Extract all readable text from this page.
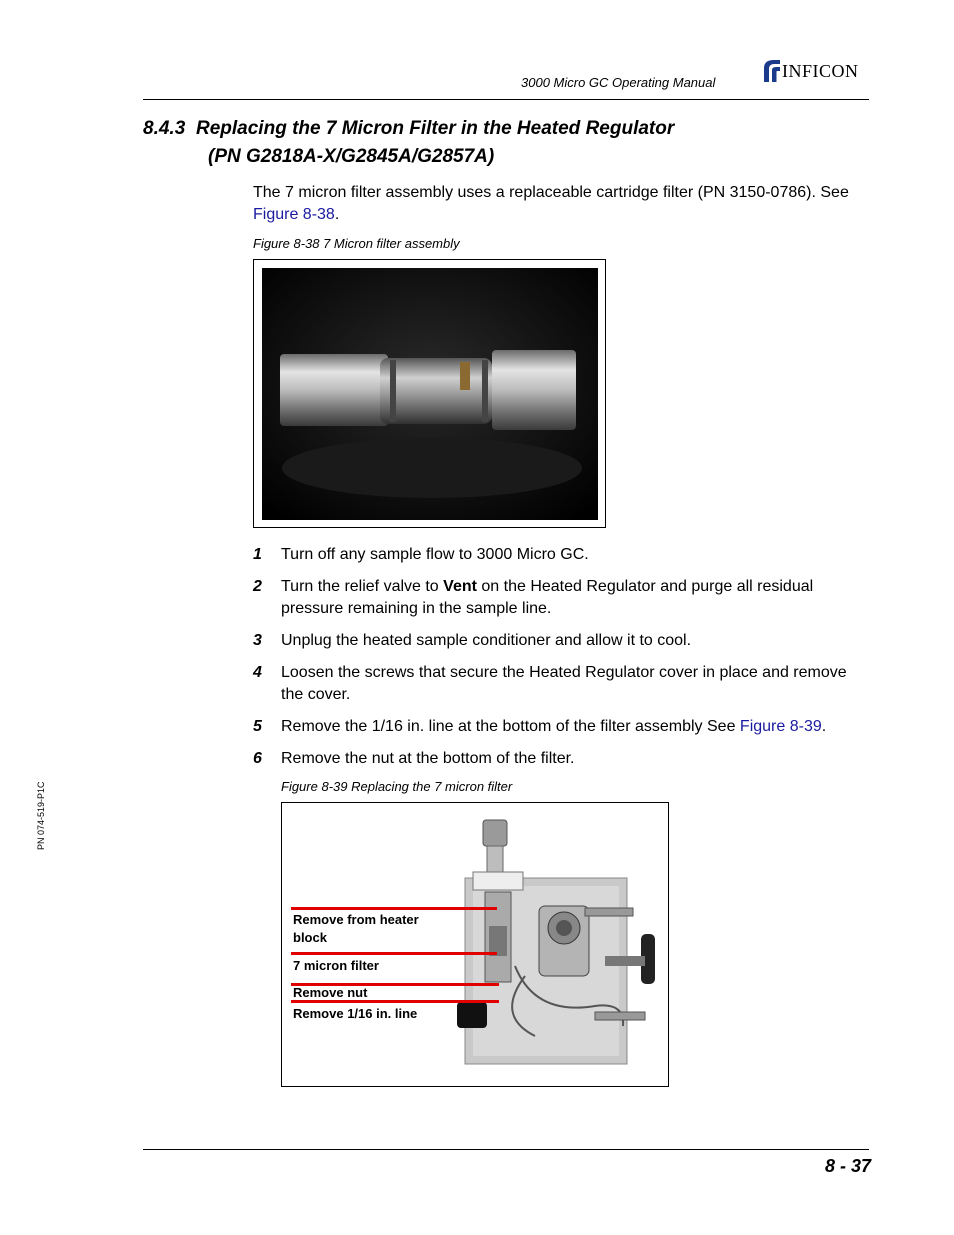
3000 Micro GC Operating Manual
INFICON
8.4.3 Replacing the 7 Micron Filter in the Heated Regulator
(PN G2818A-X/G2845A/G2857A)
The 7 micron filter assembly uses a replaceable cartridge filter (PN 3150-0786). See Figure 8-38.
Figure 8-38 7 Micron filter assembly
1 Turn off any sample flow to 3000 Micro GC.
2 Turn the relief valve to Vent on the Heated Regulator and purge all residual pressure remaining in the sample line.
3 Unplug the heated sample conditioner and allow it to cool.
4 Loosen the screws that secure the Heated Regulator cover in place and remove the cover.
5 Remove the 1/16 in. line at the bottom of the filter assembly See Figure 8-39.
6 Remove the nut at the bottom of the filter.
Figure 8-39 Replacing the 7 micron filter
Remove from heater
block
7 micron filter
Remove nut
Remove 1/16 in. line
PN 074-519-P1C
8 - 37
